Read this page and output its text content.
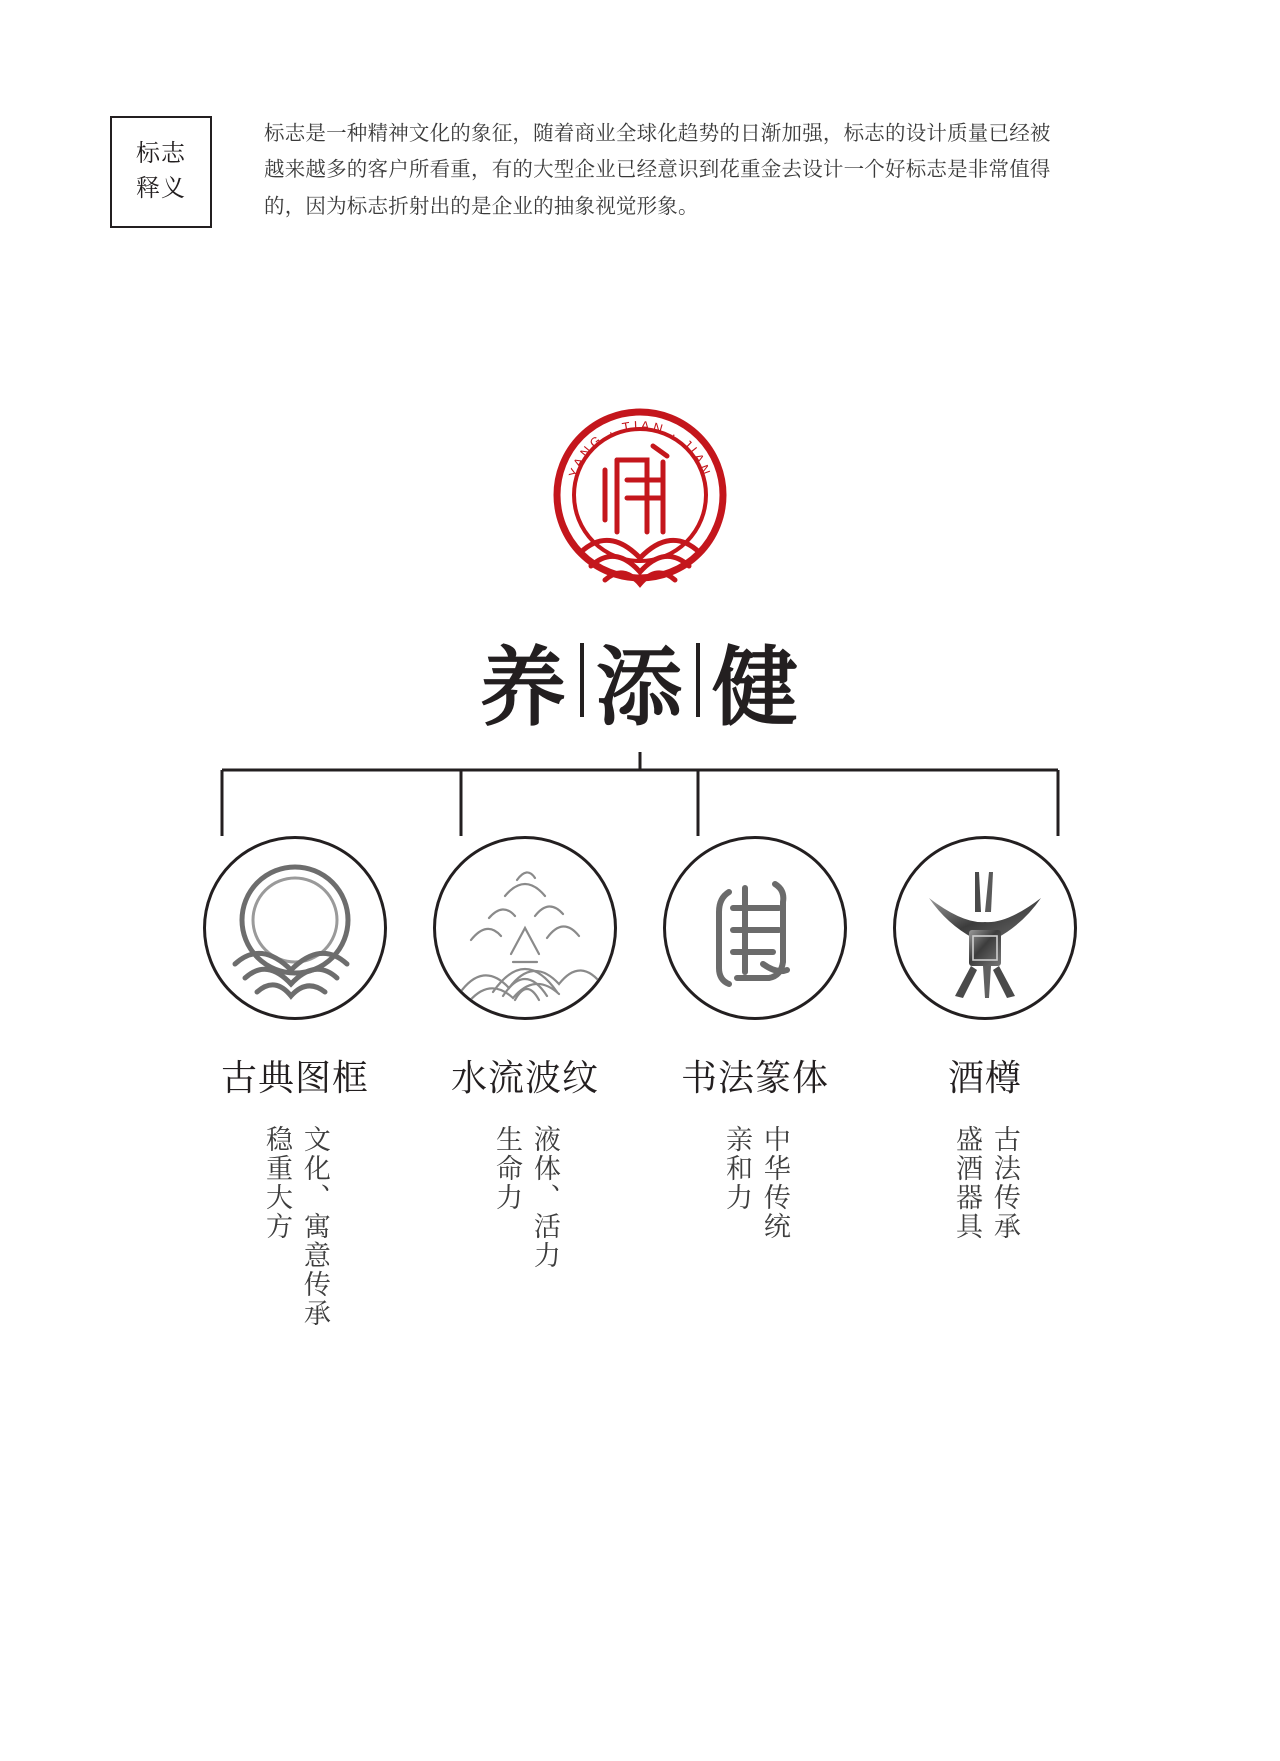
标志
释义
标志是一种精神文化的象征，随着商业全球化趋势的日渐加强，标志的设计质量已经被越来越多的客户所看重，有的大型企业已经意识到花重金去设计一个好标志是非常值得的，因为标志折射出的是企业的抽象视觉形象。
YANG · TIAN · JIAN
养 添 健
古典图框
文化、寓意传承
稳重大方
水流波纹
液体、活力
生命力
书法篆体
中华传统
亲和力
酒樽
古法传承
盛酒器具
